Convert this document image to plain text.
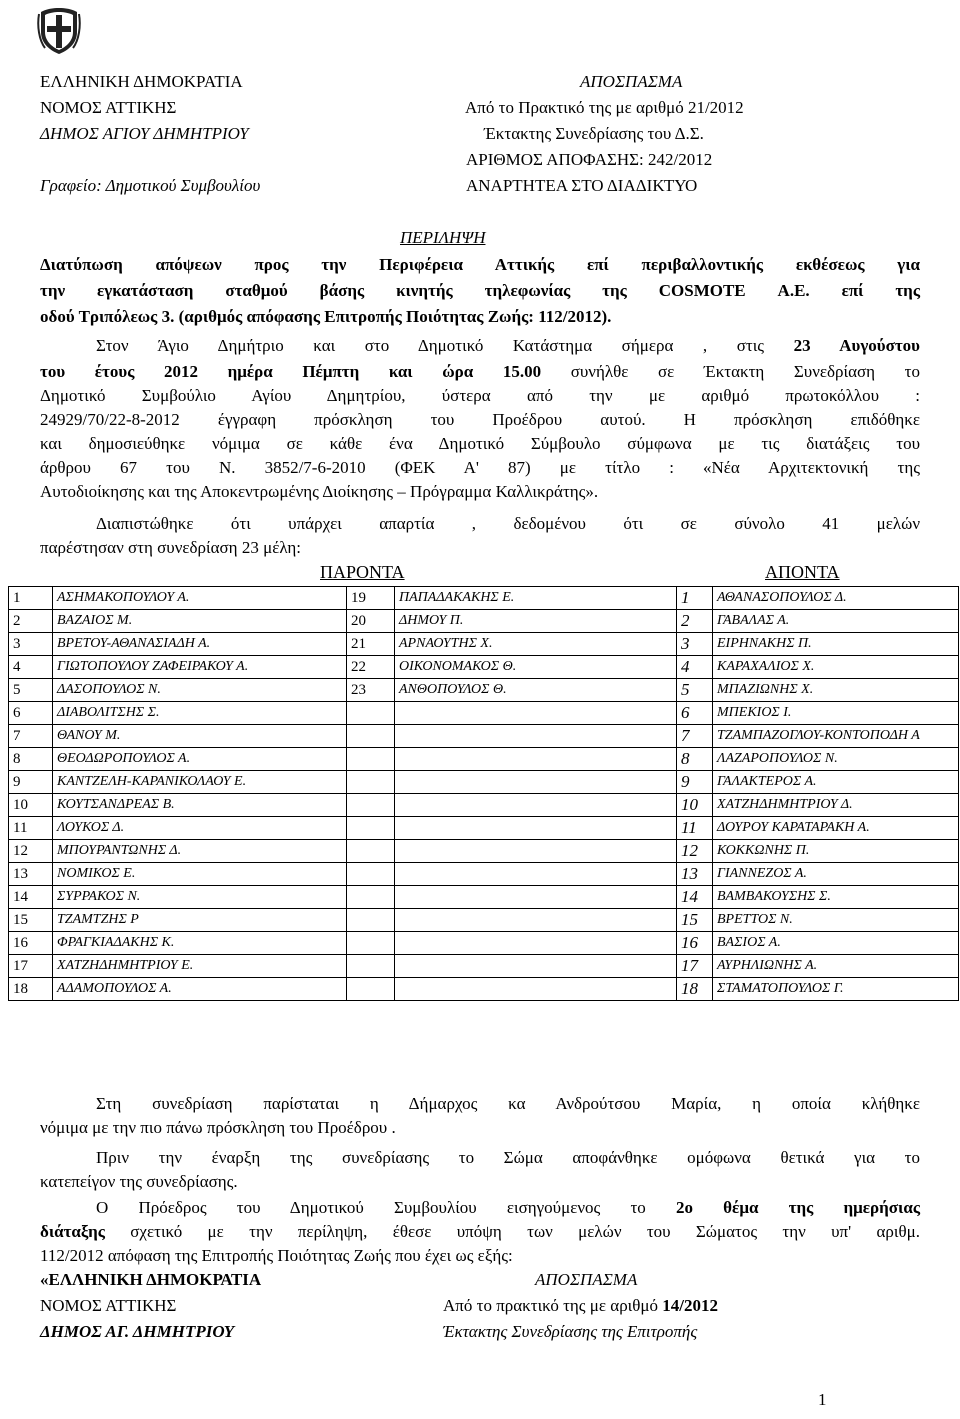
ΕΛΛΗΝΙΚΗ ΔΗΜΟΚΡΑΤΙΑ
ΝΟΜΟΣ ΑΤΤΙΚΗΣ
ΔΗΜΟΣ ΑΓΙΟΥ ΔΗΜΗΤΡΙΟΥ
Γραφείο: Δημοτικού Συμβουλίου
ΑΠΟΣΠΑΣΜΑ
Από το Πρακτικό της με αριθμό 21/2012
Έκτακτης Συνεδρίασης του Δ.Σ.
ΑΡΙΘΜΟΣ ΑΠΟΦΑΣΗΣ: 242/2012
ΑΝΑΡΤΗΤΕΑ ΣΤΟ ΔΙΑΔΙΚΤΥΟ
ΠΕΡΙΛΗΨΗ
Διατύπωση απόψεων προς την Περιφέρεια Αττικής επί περιβαλλοντικής εκθέσεως για
την εγκατάσταση σταθμού βάσης κινητής τηλεφωνίας της COSMOTE Α.Ε. επί της
οδού Τριπόλεως 3. (αριθμός απόφασης Επιτροπής Ποιότητας Ζωής: 112/2012).
Στον Άγιο Δημήτριο και στο Δημοτικό Κατάστημα σήμερα , στις 23 Αυγούστου
του έτους 2012 ημέρα Πέμπτη και ώρα 15.00 συνήλθε σε Έκτακτη Συνεδρίαση το
Δημοτικό Συμβούλιο Αγίου Δημητρίου, ύστερα από την με αριθμό πρωτοκόλλου :
24929/70/22-8-2012 έγγραφη πρόσκληση του Προέδρου αυτού. Η πρόσκληση επιδόθηκε
και δημοσιεύθηκε νόμιμα σε κάθε ένα Δημοτικό Σύμβουλο σύμφωνα με τις διατάξεις του
άρθρου 67 του Ν. 3852/7-6-2010 (ΦΕΚ Α' 87) με τίτλο : «Νέα Αρχιτεκτονική της
Αυτοδιοίκησης και της Αποκεντρωμένης Διοίκησης – Πρόγραμμα Καλλικράτης».
Διαπιστώθηκε ότι υπάρχει απαρτία , δεδομένου ότι σε σύνολο 41 μελών
παρέστησαν στη συνεδρίαση 23 μέλη:
ΠΑΡΟΝΤΑ	ΑΠΟΝΤΑ
1	ΑΣΗΜΑΚΟΠΟΥΛΟΥ Α.	19	ΠΑΠΑΔΑΚΑΚΗΣ Ε.	1	ΑΘΑΝΑΣΟΠΟΥΛΟΣ Δ.
2	ΒΑΖΑΙΟΣ Μ.	20	ΔΗΜΟΥ Π.	2	ΓΑΒΑΛΑΣ Α.
3	ΒΡΕΤΟΥ-ΑΘΑΝΑΣΙΑΔΗ Α.	21	ΑΡΝΑΟΥΤΗΣ Χ.	3	ΕΙΡΗΝΑΚΗΣ Π.
4	ΓΙΩΤΟΠΟΥΛΟΥ ΖΑΦΕΙΡΑΚΟΥ Α.	22	ΟΙΚΟΝΟΜΑΚΟΣ Θ.	4	ΚΑΡΑΧΑΛΙΟΣ Χ.
5	ΔΑΣΟΠΟΥΛΟΣ Ν.	23	ΑΝΘΟΠΟΥΛΟΣ Θ.	5	ΜΠΑΖΙΩΝΗΣ Χ.
6	ΔΙΑΒΟΛΙΤΣΗΣ Σ.			6	ΜΠΕΚΙΟΣ Ι.
7	ΘΑΝΟΥ Μ.			7	ΤΖΑΜΠΑΖΟΓΛΟΥ-ΚΟΝΤΟΠΟΔΗ Α
8	ΘΕΟΔΩΡΟΠΟΥΛΟΣ Α.			8	ΛΑΖΑΡΟΠΟΥΛΟΣ Ν.
9	ΚΑΝΤΖΕΛΗ-ΚΑΡΑΝΙΚΟΛΑΟΥ Ε.			9	ΓΑΛΑΚΤΕΡΟΣ Α.
10	ΚΟΥΤΣΑΝΔΡΕΑΣ Β.			10	ΧΑΤΖΗΔΗΜΗΤΡΙΟΥ Δ.
11	ΛΟΥΚΟΣ Δ.			11	ΔΟΥΡΟΥ ΚΑΡΑΤΑΡΑΚΗ Α.
12	ΜΠΟΥΡΑΝΤΩΝΗΣ Δ.			12	ΚΟΚΚΩΝΗΣ Π.
13	ΝΟΜΙΚΟΣ Ε.			13	ΓΙΑΝΝΕΖΟΣ Α.
14	ΣΥΡΡΑΚΟΣ Ν.			14	ΒΑΜΒΑΚΟΥΣΗΣ Σ.
15	ΤΖΑΜΤΖΗΣ Ρ			15	ΒΡΕΤΤΟΣ Ν.
16	ΦΡΑΓΚΙΑΔΑΚΗΣ Κ.			16	ΒΑΣΙΟΣ Α.
17	ΧΑΤΖΗΔΗΜΗΤΡΙΟΥ Ε.			17	ΑΥΡΗΛΙΩΝΗΣ Α.
18	ΑΔΑΜΟΠΟΥΛΟΣ Α.			18	ΣΤΑΜΑΤΟΠΟΥΛΟΣ Γ.
Στη συνεδρίαση παρίσταται η Δήμαρχος κα Ανδρούτσου Μαρία, η οποία κλήθηκε
νόμιμα με την πιο πάνω πρόσκληση του Προέδρου .
Πριν την έναρξη της συνεδρίασης το Σώμα αποφάνθηκε ομόφωνα θετικά για το
κατεπείγον της συνεδρίασης.
Ο Πρόεδρος του Δημοτικού Συμβουλίου εισηγούμενος το 2ο θέμα της ημερήσιας
διάταξης σχετικό με την περίληψη, έθεσε υπόψη των μελών του Σώματος την υπ' αριθμ.
112/2012 απόφαση της Επιτροπής Ποιότητας Ζωής που έχει ως εξής:
«ΕΛΛΗΝΙΚΗ ΔΗΜΟΚΡΑΤΙΑ	ΑΠΟΣΠΑΣΜΑ
ΝΟΜΟΣ ΑΤΤΙΚΗΣ	Από το πρακτικό της με αριθμό 14/2012
ΔΗΜΟΣ ΑΓ. ΔΗΜΗΤΡΙΟΥ	Έκτακτης Συνεδρίασης της Επιτροπής
1
